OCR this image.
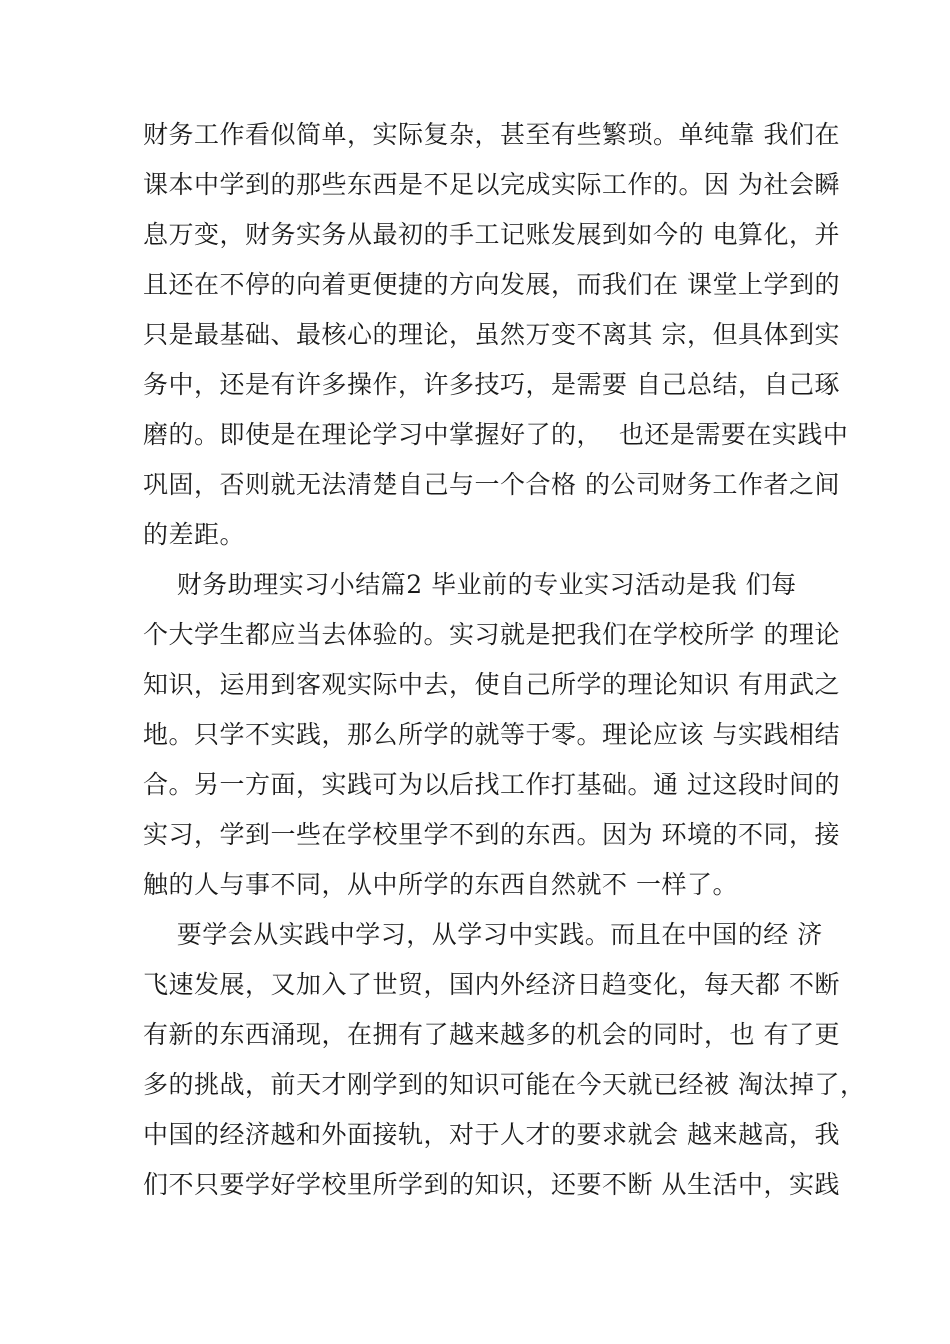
财务工作看似简单，实际复杂，甚至有些繁琐。单纯靠 我们在
课本中学到的那些东西是不足以完成实际工作的。因 为社会瞬
息万变，财务实务从最初的手工记账发展到如今的 电算化，并
且还在不停的向着更便捷的方向发展，而我们在 课堂上学到的
只是最基础、最核心的理论，虽然万变不离其 宗，但具体到实
务中，还是有许多操作，许多技巧，是需要 自己总结，自己琢
磨的。即使是在理论学习中掌握好了的，  也还是需要在实践中
巩固，否则就无法清楚自己与一个合格 的公司财务工作者之间
的差距。
财务助理实习小结篇2 毕业前的专业实习活动是我 们每
个大学生都应当去体验的。实习就是把我们在学校所学 的理论
知识，运用到客观实际中去，使自己所学的理论知识 有用武之
地。只学不实践，那么所学的就等于零。理论应该 与实践相结
合。另一方面，实践可为以后找工作打基础。通 过这段时间的
实习，学到一些在学校里学不到的东西。因为 环境的不同，接
触的人与事不同，从中所学的东西自然就不 一样了。
要学会从实践中学习，从学习中实践。而且在中国的经 济
飞速发展，又加入了世贸，国内外经济日趋变化，每天都 不断
有新的东西涌现，在拥有了越来越多的机会的同时，也 有了更
多的挑战，前天才刚学到的知识可能在今天就已经被 淘汰掉了，
中国的经济越和外面接轨，对于人才的要求就会 越来越高，我
们不只要学好学校里所学到的知识，还要不断 从生活中，实践
